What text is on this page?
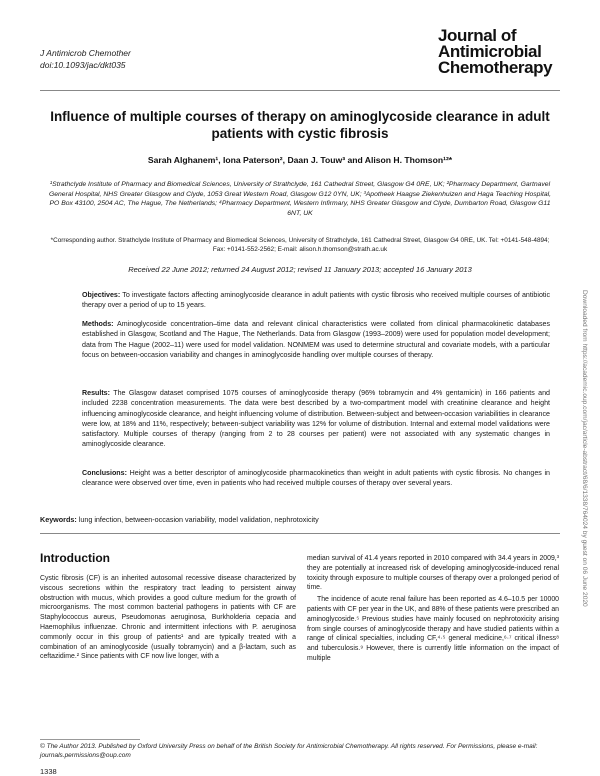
J Antimicrob Chemother
doi:10.1093/jac/dkt035
Journal of
Antimicrobial
Chemotherapy
Influence of multiple courses of therapy on aminoglycoside clearance in adult patients with cystic fibrosis
Sarah Alghanem¹, Iona Paterson², Daan J. Touw³ and Alison H. Thomson¹²*
¹Strathclyde Institute of Pharmacy and Biomedical Sciences, University of Strathclyde, 161 Cathedral Street, Glasgow G4 0RE, UK; ²Pharmacy Department, Gartnavel General Hospital, NHS Greater Glasgow and Clyde, 1053 Great Western Road, Glasgow G12 0YN, UK; ³Apotheek Haagse Ziekenhuizen and Haga Teaching Hospital, PO Box 43100, 2504 AC, The Hague, The Netherlands; ⁴Pharmacy Department, Western Infirmary, NHS Greater Glasgow and Clyde, Dumbarton Road, Glasgow G11 6NT, UK
*Corresponding author. Strathclyde Institute of Pharmacy and Biomedical Sciences, University of Strathclyde, 161 Cathedral Street, Glasgow G4 0RE, UK. Tel: +0141-548-4894; Fax: +0141-552-2562; E-mail: alison.h.thomson@strath.ac.uk
Received 22 June 2012; returned 24 August 2012; revised 11 January 2013; accepted 16 January 2013
Objectives: To investigate factors affecting aminoglycoside clearance in adult patients with cystic fibrosis who received multiple courses of antibiotic therapy over a period of up to 15 years.
Methods: Aminoglycoside concentration–time data and relevant clinical characteristics were collated from clinical pharmacokinetic databases established in Glasgow, Scotland and The Hague, The Netherlands. Data from Glasgow (1993–2009) were used for population model development; data from The Hague (2002–11) were used for model validation. NONMEM was used to determine structural and covariate models, with a particular focus on between-occasion variability and changes in aminoglycoside handling over multiple courses of therapy.
Results: The Glasgow dataset comprised 1075 courses of aminoglycoside therapy (96% tobramycin and 4% gentamicin) in 166 patients and included 2238 concentration measurements. The data were best described by a two-compartment model with creatinine clearance and height influencing aminoglycoside clearance, and height influencing volume of distribution. Between-subject and between-occasion variabilities in clearance were low, at 18% and 11%, respectively; between-subject variability was 12% for volume of distribution. Internal and external model validations were satisfactory. Multiple courses of therapy (ranging from 2 to 28 courses per patient) were not associated with any systematic changes in aminoglycoside clearance.
Conclusions: Height was a better descriptor of aminoglycoside pharmacokinetics than weight in adult patients with cystic fibrosis. No changes in clearance were observed over time, even in patients who had received multiple courses of therapy over several years.
Keywords: lung infection, between-occasion variability, model validation, nephrotoxicity
Introduction
Cystic fibrosis (CF) is an inherited autosomal recessive disease characterized by viscous secretions within the respiratory tract leading to persistent airway obstruction with mucus, which provides a good culture medium for the growth of microorganisms. The most common bacterial pathogens in patients with CF are Staphylococcus aureus, Pseudomonas aeruginosa, Burkholderia cepacia and Haemophilus influenzae. Chronic and intermittent infections with P. aeruginosa commonly occur in this group of patients¹ and are typically treated with a combination of an aminoglycoside (usually tobramycin) and a β-lactam, such as ceftazidime.² Since patients with CF now live longer, with a

median survival of 41.4 years reported in 2010 compared with 34.4 years in 2009,³ they are potentially at increased risk of developing aminoglycoside-induced renal toxicity through exposure to multiple courses of therapy over a prolonged period of time.

The incidence of acute renal failure has been reported as 4.6–10.5 per 10000 patients with CF per year in the UK, and 88% of these patients were prescribed an aminoglycoside.⁵ Previous studies have mainly focused on nephrotoxicity arising from single courses of aminoglycoside therapy and have studied patients within a range of clinical specialties, including CF,⁴·⁵ general medicine,⁶·⁷ critical illness⁸ and tuberculosis.⁹ However, there is currently little information on the impact of multiple

© The Author 2013. Published by Oxford University Press on behalf of the British Society for Antimicrobial Chemotherapy. All rights reserved. For Permissions, please e-mail: journals.permissions@oup.com
1338
Downloaded from https://academic.oup.com/jac/article-abstract/68/6/1338/764024 by guest on 06 June 2020
